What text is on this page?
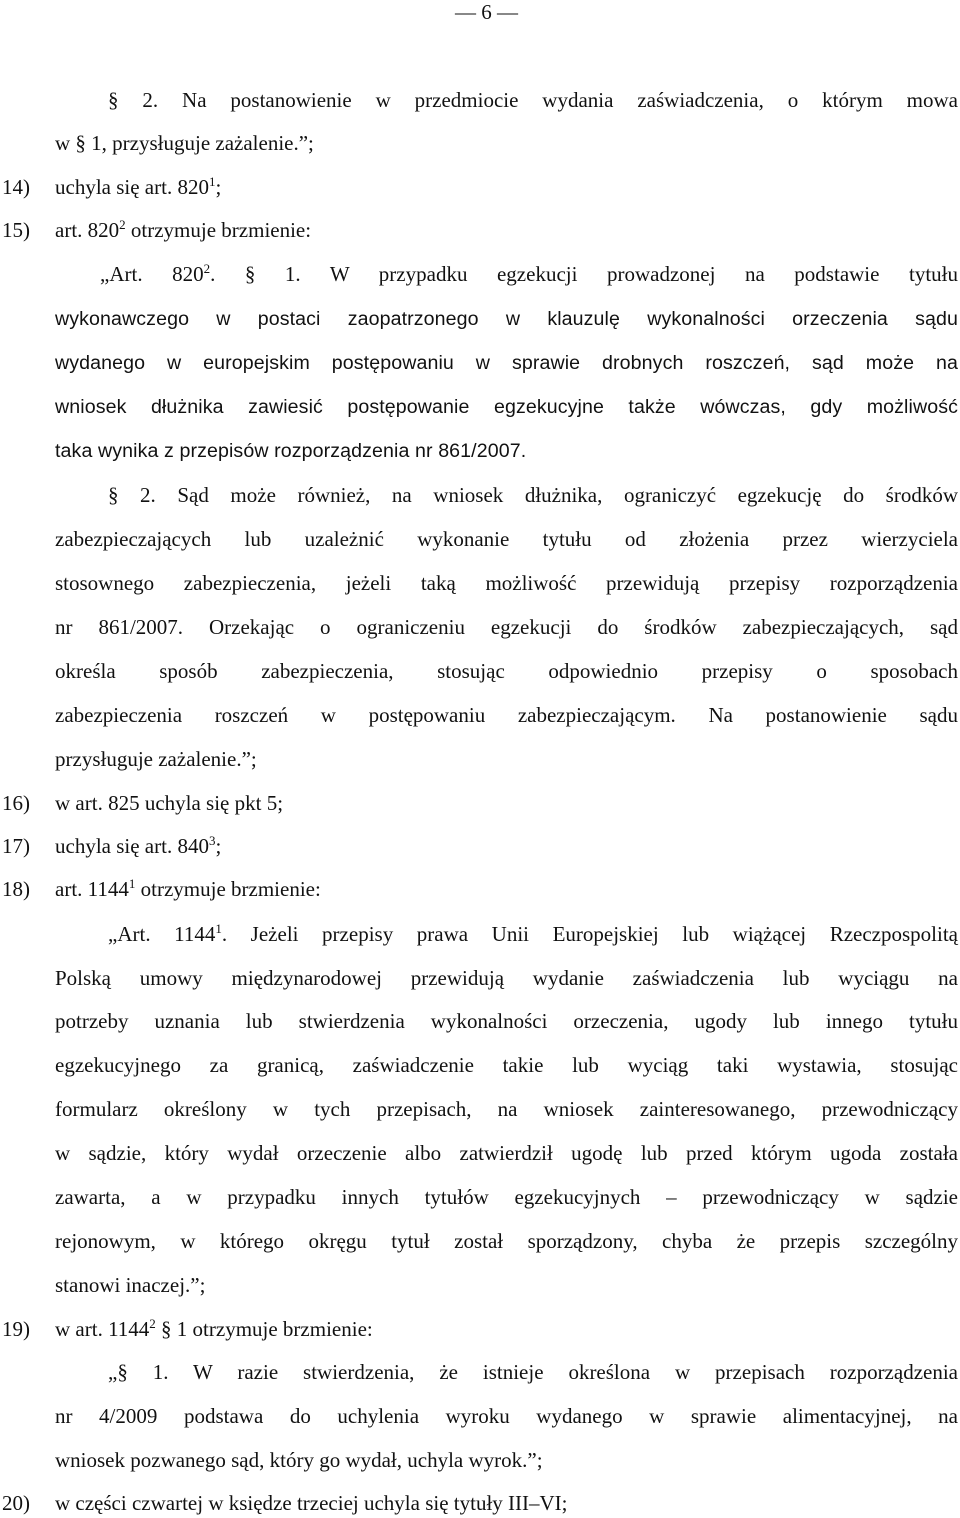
— 6 —
§ 2. Na postanowienie w przedmiocie wydania zaświadczenia, o którym mowa
w § 1, przysługuje zażalenie.”;
14) uchyla się art. $820^1$;
15) art. $820^2$ otrzymuje brzmienie:
„Art. $820^2$. § 1. W przypadku egzekucji prowadzonej na podstawie tytułu
wykonawczego w postaci zaopatrzonego w klauzulę wykonalności orzeczenia sądu
wydanego w europejskim postępowaniu w sprawie drobnych roszczeń, sąd może na
wniosek dłużnika zawiesić postępowanie egzekucyjne także wówczas, gdy możliwość
taka wynika z przepisów rozporządzenia nr 861/2007.
§ 2. Sąd może również, na wniosek dłużnika, ograniczyć egzekucję do środków
zabezpieczających lub uzależnić wykonanie tytułu od złożenia przez wierzyciela
stosownego zabezpieczenia, jeżeli taką możliwość przewidują przepisy rozporządzenia
nr 861/2007. Orzekając o ograniczeniu egzekucji do środków zabezpieczających, sąd
określa sposób zabezpieczenia, stosując odpowiednio przepisy o sposobach
zabezpieczenia roszczeń w postępowaniu zabezpieczającym. Na postanowienie sądu
przysługuje zażalenie.”;
16) w art. 825 uchyla się pkt 5;
17) uchyla się art. $840^3$;
18) art. 1144$^1$ otrzymuje brzmienie:
„Art. 1144$^1$. Jeżeli przepisy prawa Unii Europejskiej lub wiążącej Rzeczpospolitą
Polską umowy międzynarodowej przewidują wydanie zaświadczenia lub wyciągu na
potrzeby uznania lub stwierdzenia wykonalności orzeczenia, ugody lub innego tytułu
egzekucyjnego za granicą, zaświadczenie takie lub wyciąg taki wystawia, stosując
formularz określony w tych przepisach, na wniosek zainteresowanego, przewodniczący
w sądzie, który wydał orzeczenie albo zatwierdził ugodę lub przed którym ugoda została
zawarta, a w przypadku innych tytułów egzekucyjnych – przewodniczący w sądzie
rejonowym, w którego okręgu tytuł został sporządzony, chyba że przepis szczególny
stanowi inaczej.”;
19) w art. 1144$^2$ § 1 otrzymuje brzmienie:
„§ 1. W razie stwierdzenia, że istnieje określona w przepisach rozporządzenia
nr 4/2009 podstawa do uchylenia wyroku wydanego w sprawie alimentacyjnej, na
wniosek pozwanego sąd, który go wydał, uchyla wyrok.”;
20) w części czwartej w księdze trzeciej uchyla się tytuły III–VI;
